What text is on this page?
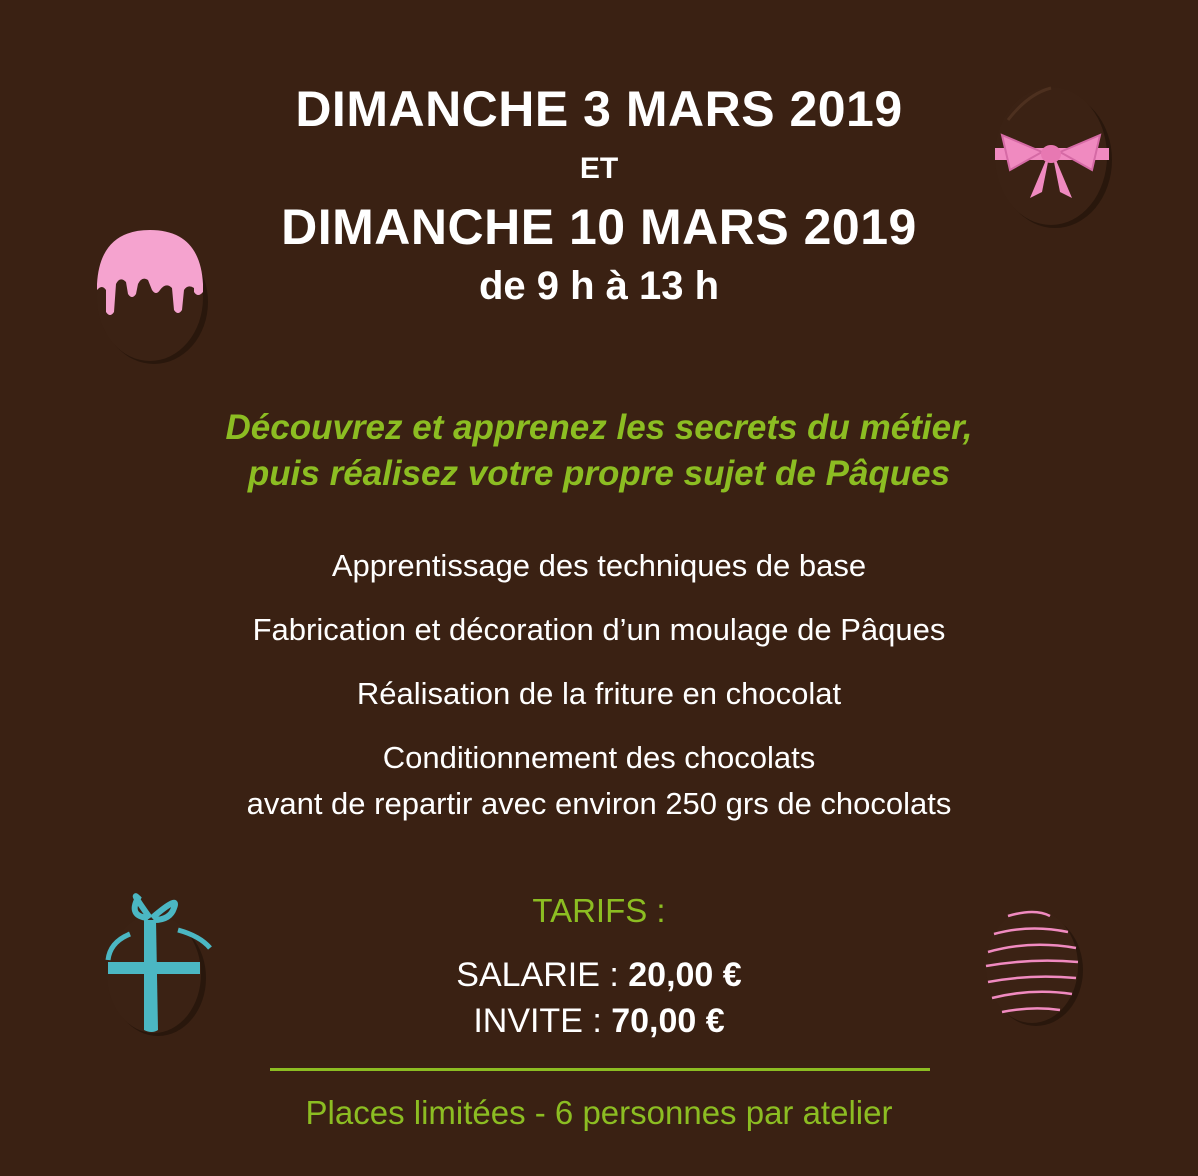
DIMANCHE 3 MARS 2019
ET
DIMANCHE 10 MARS 2019
de 9 h à 13 h
Découvrez et apprenez les secrets du métier,
puis réalisez votre propre sujet de Pâques
Apprentissage des techniques de base
Fabrication et décoration d’un moulage de Pâques
Réalisation de la friture en chocolat
Conditionnement des chocolats
avant de repartir avec environ 250 grs de chocolats
TARIFS :
SALARIE : 20,00 €
INVITE : 70,00 €
Places limitées - 6 personnes par atelier
